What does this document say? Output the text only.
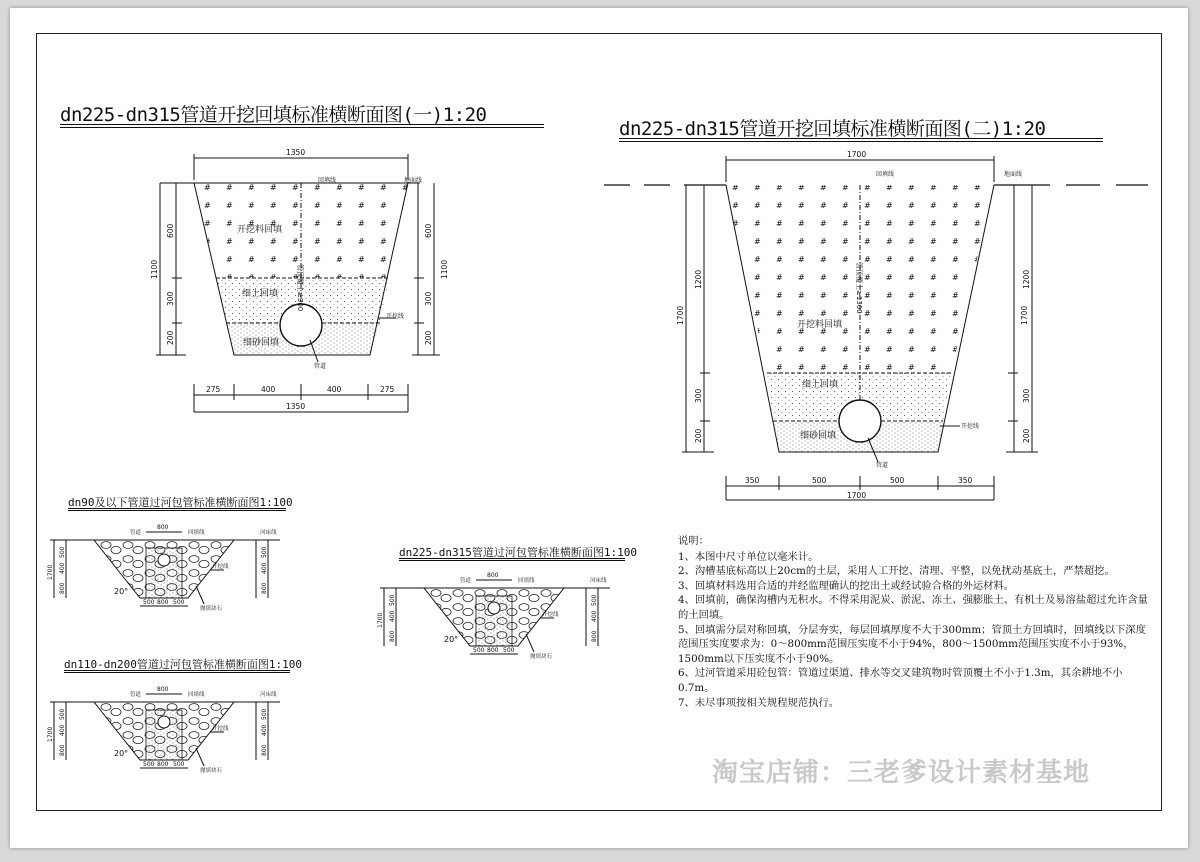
dn225-dn315管道开挖回填标准横断面图(一)1:20
dn225-dn315管道开挖回填标准横断面图(二)1:20
dn90及以下管道过河包管标准横断面图1:100
dn225-dn315管道过河包管标准横断面图1:100
dn110-dn200管道过河包管标准横断面图1:100
1350
1350
275	400	400	275
1100
600
300
200
600
300
200
1100
地面线
回填线
开挖料回填
细土回填
细砂回填
管顶覆土≥900
开挖线
管道
1700
1700
350	500	500	350
1700
1200
300
200
1200
300
200
1700
地面线
回填线
开挖料回填
细土回填
细砂回填
管顶覆土≥1300
开挖线
管道
800
1700
500
400
800
500
400
800
500 800 500
管道	回填线	河床线
开挖线
抛填块石
20°
800
1700
500
400
800
500
400
800
500 800 500
管道	回填线	河床线
开挖线
抛填块石
20°
800
1700
500
400
800
500
400
800
500 800 500
管道	回填线	河床线
开挖线
抛填块石
20°

说明：

1、本图中尺寸单位以毫米计。

2、沟槽基底标高以上20cm的土层，采用人工开挖、清理、平整，以免扰动基底土，严禁超挖。

3、回填材料选用合适的并经监理确认的挖出土或经试验合格的外运材料。

4、回填前，确保沟槽内无积水。不得采用泥炭、淤泥、冻土、强膨胀土、有机土及易溶盐超过允许含量的土回填。

5、回填需分层对称回填，分层夯实，每层回填厚度不大于300mm；管顶土方回填时，回填线以下深度范围压实度要求为：0～800mm范围压实度不小于94%，800～1500mm范围压实度不小于93%，1500mm以下压实度不小于90%。

6、过河管道采用砼包管：管道过渠道、排水等交叉建筑物时管顶覆土不小于1.3m，其余耕地不小0.7m。

7、未尽事项按相关规程规范执行。

淘宝店铺：三老爹设计素材基地
